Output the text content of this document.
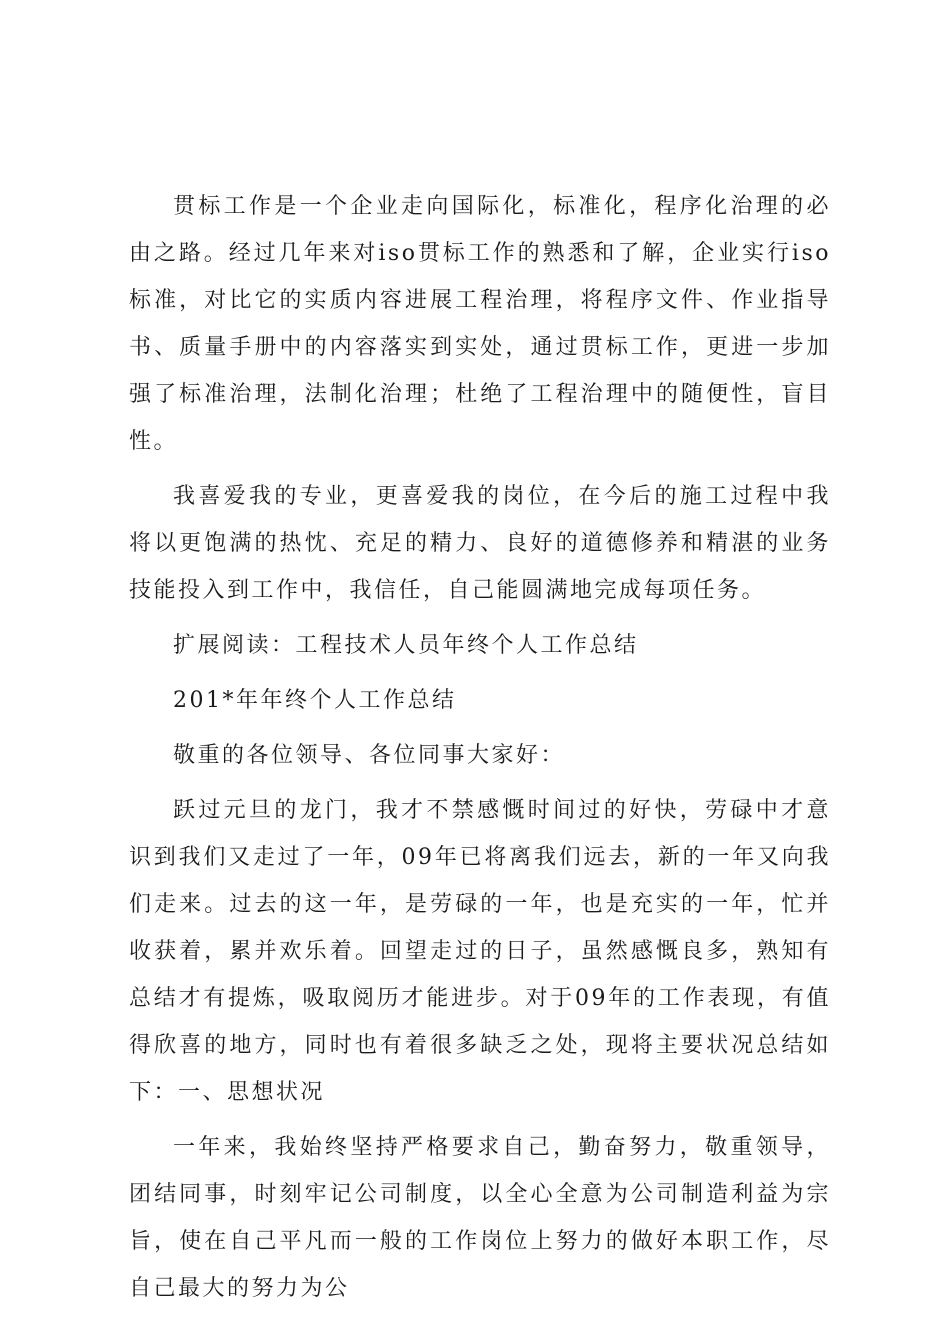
贯标工作是一个企业走向国际化，标准化，程序化治理的必由之路。经过几年来对iso贯标工作的熟悉和了解，企业实行iso标准，对比它的实质内容进展工程治理，将程序文件、作业指导书、质量手册中的内容落实到实处，通过贯标工作，更进一步加强了标准治理，法制化治理；杜绝了工程治理中的随便性，盲目性。

我喜爱我的专业，更喜爱我的岗位，在今后的施工过程中我将以更饱满的热忱、充足的精力、良好的道德修养和精湛的业务技能投入到工作中，我信任，自己能圆满地完成每项任务。

扩展阅读：工程技术人员年终个人工作总结

201*年年终个人工作总结

敬重的各位领导、各位同事大家好：

跃过元旦的龙门，我才不禁感慨时间过的好快，劳碌中才意识到我们又走过了一年，09年已将离我们远去，新的一年又向我们走来。过去的这一年，是劳碌的一年，也是充实的一年，忙并收获着，累并欢乐着。回望走过的日子，虽然感慨良多，熟知有总结才有提炼，吸取阅历才能进步。对于09年的工作表现，有值得欣喜的地方，同时也有着很多缺乏之处，现将主要状况总结如下：一、思想状况

一年来，我始终坚持严格要求自己，勤奋努力，敬重领导，团结同事，时刻牢记公司制度，以全心全意为公司制造利益为宗旨，使在自己平凡而一般的工作岗位上努力的做好本职工作，尽自己最大的努力为公
